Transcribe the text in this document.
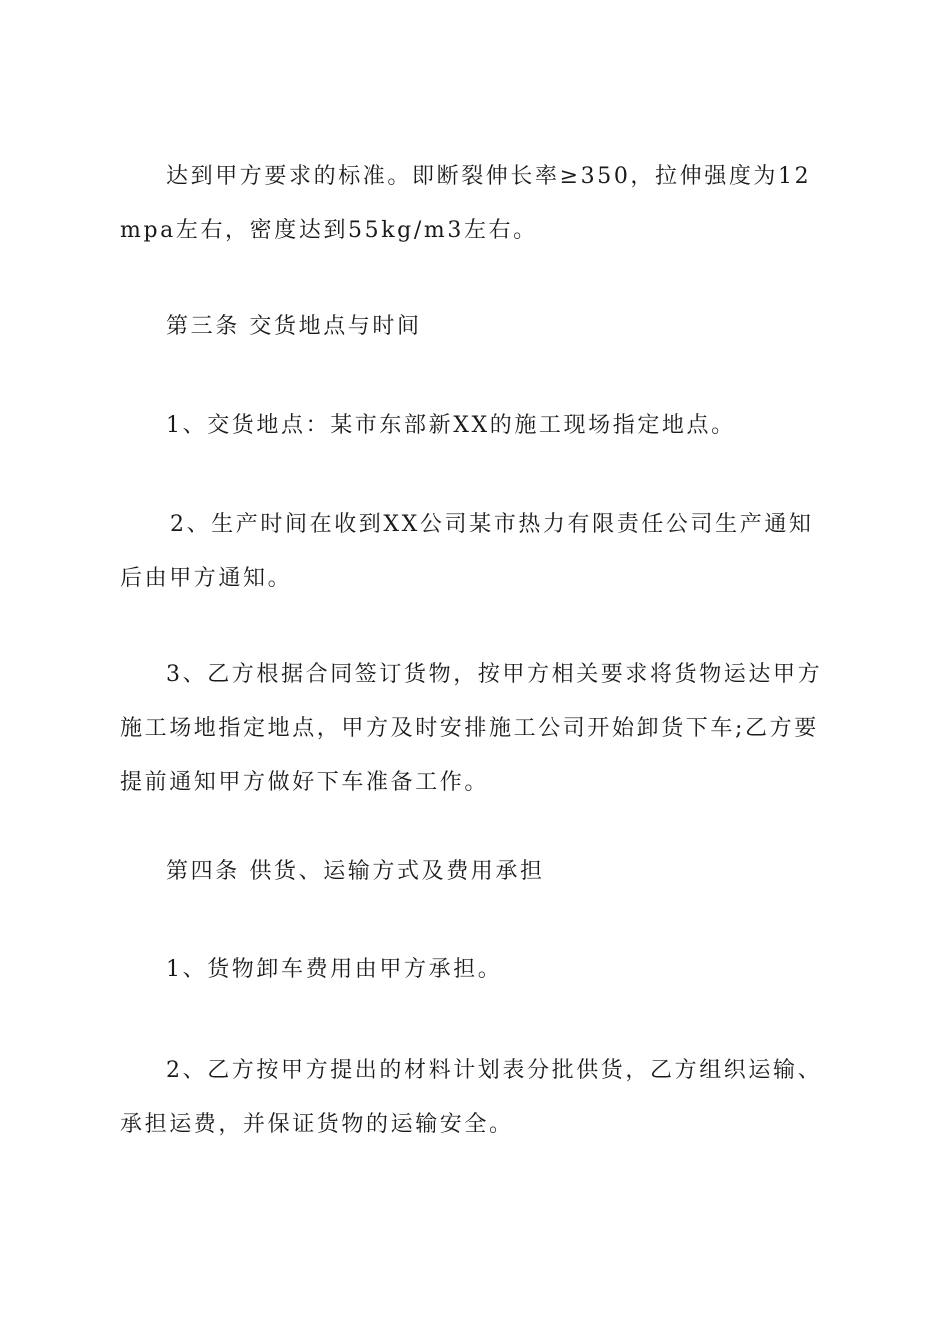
达到甲方要求的标准。即断裂伸长率≥350，拉伸强度为12mpa左右，密度达到55kg/m3左右。

第三条 交货地点与时间

1、交货地点：某市东部新XX的施工现场指定地点。

2、生产时间在收到XX公司某市热力有限责任公司生产通知后由甲方通知。

3、乙方根据合同签订货物，按甲方相关要求将货物运达甲方施工场地指定地点，甲方及时安排施工公司开始卸货下车;乙方要提前通知甲方做好下车准备工作。

第四条 供货、运输方式及费用承担

1、货物卸车费用由甲方承担。

2、乙方按甲方提出的材料计划表分批供货，乙方组织运输、承担运费，并保证货物的运输安全。
